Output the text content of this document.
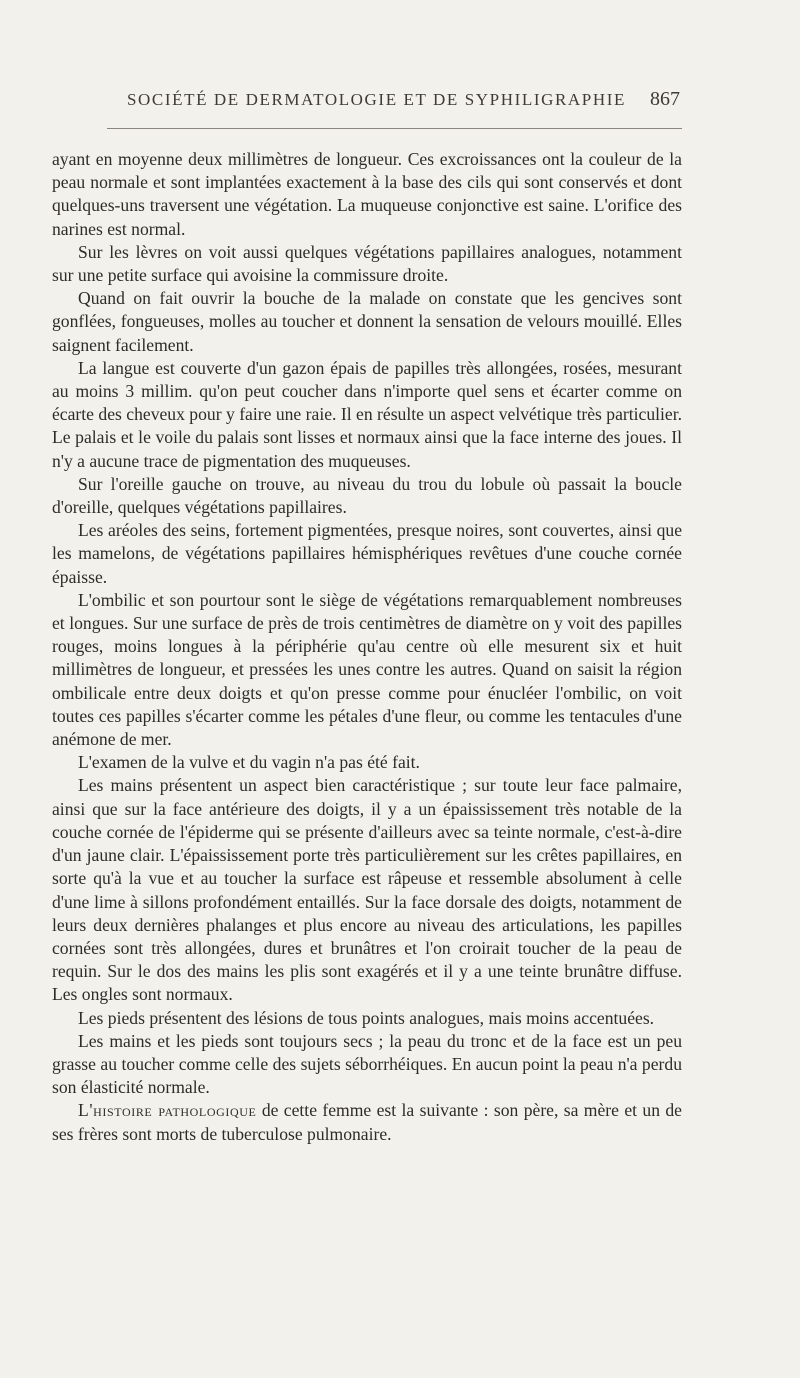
SOCIÉTÉ DE DERMATOLOGIE ET DE SYPHILIGRAPHIE 867

ayant en moyenne deux millimètres de longueur. Ces excroissances ont la couleur de la peau normale et sont implantées exactement à la base des cils qui sont conservés et dont quelques-uns traversent une végétation. La muqueuse conjonctive est saine. L'orifice des narines est normal.

Sur les lèvres on voit aussi quelques végétations papillaires analogues, notamment sur une petite surface qui avoisine la commissure droite.

Quand on fait ouvrir la bouche de la malade on constate que les gencives sont gonflées, fongueuses, molles au toucher et donnent la sensation de velours mouillé. Elles saignent facilement.

La langue est couverte d'un gazon épais de papilles très allongées, rosées, mesurant au moins 3 millim. qu'on peut coucher dans n'importe quel sens et écarter comme on écarte des cheveux pour y faire une raie. Il en résulte un aspect velvétique très particulier. Le palais et le voile du palais sont lisses et normaux ainsi que la face interne des joues. Il n'y a aucune trace de pigmentation des muqueuses.

Sur l'oreille gauche on trouve, au niveau du trou du lobule où passait la boucle d'oreille, quelques végétations papillaires.

Les aréoles des seins, fortement pigmentées, presque noires, sont couvertes, ainsi que les mamelons, de végétations papillaires hémisphériques revêtues d'une couche cornée épaisse.

L'ombilic et son pourtour sont le siège de végétations remarquablement nombreuses et longues. Sur une surface de près de trois centimètres de diamètre on y voit des papilles rouges, moins longues à la périphérie qu'au centre où elle mesurent six et huit millimètres de longueur, et pressées les unes contre les autres. Quand on saisit la région ombilicale entre deux doigts et qu'on presse comme pour énucléer l'ombilic, on voit toutes ces papilles s'écarter comme les pétales d'une fleur, ou comme les tentacules d'une anémone de mer.

L'examen de la vulve et du vagin n'a pas été fait.

Les mains présentent un aspect bien caractéristique ; sur toute leur face palmaire, ainsi que sur la face antérieure des doigts, il y a un épaississement très notable de la couche cornée de l'épiderme qui se présente d'ailleurs avec sa teinte normale, c'est-à-dire d'un jaune clair. L'épaississement porte très particulièrement sur les crêtes papillaires, en sorte qu'à la vue et au toucher la surface est râpeuse et ressemble absolument à celle d'une lime à sillons profondément entaillés. Sur la face dorsale des doigts, notamment de leurs deux dernières phalanges et plus encore au niveau des articulations, les papilles cornées sont très allongées, dures et brunâtres et l'on croirait toucher de la peau de requin. Sur le dos des mains les plis sont exagérés et il y a une teinte brunâtre diffuse. Les ongles sont normaux.

Les pieds présentent des lésions de tous points analogues, mais moins accentuées.

Les mains et les pieds sont toujours secs ; la peau du tronc et de la face est un peu grasse au toucher comme celle des sujets séborrhéiques. En aucun point la peau n'a perdu son élasticité normale.

L'histoire pathologique de cette femme est la suivante : son père, sa mère et un de ses frères sont morts de tuberculose pulmonaire.
